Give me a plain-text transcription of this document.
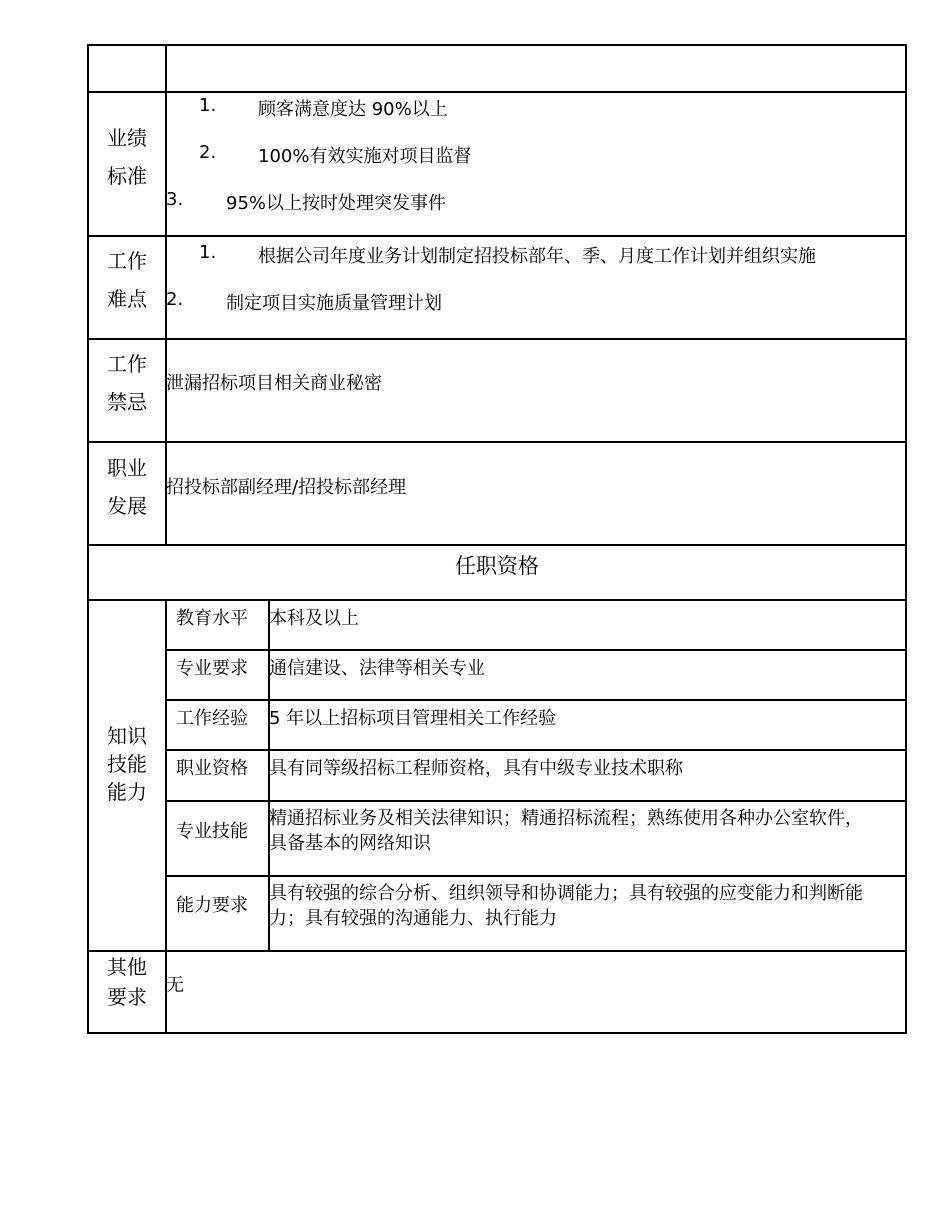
业绩
标准
1. 顾客满意度达 90%以上
2. 100%有效实施对项目监督
3. 95%以上按时处理突发事件
工作
难点
1. 根据公司年度业务计划制定招投标部年、季、月度工作计划并组织实施
2. 制定项目实施质量管理计划
工作
禁忌
泄漏招标项目相关商业秘密
职业
发展
招投标部副经理/招投标部经理
任职资格
知识
技能
能力
教育水平 本科及以上
专业要求 通信建设、法律等相关专业
工作经验 5 年以上招标项目管理相关工作经验
职业资格 具有同等级招标工程师资格，具有中级专业技术职称
专业技能
精通招标业务及相关法律知识；精通招标流程；熟练使用各种办公室软件，
具备基本的网络知识
能力要求
具有较强的综合分析、组织领导和协调能力；具有较强的应变能力和判断能
力；具有较强的沟通能力、执行能力
其他
要求	无
